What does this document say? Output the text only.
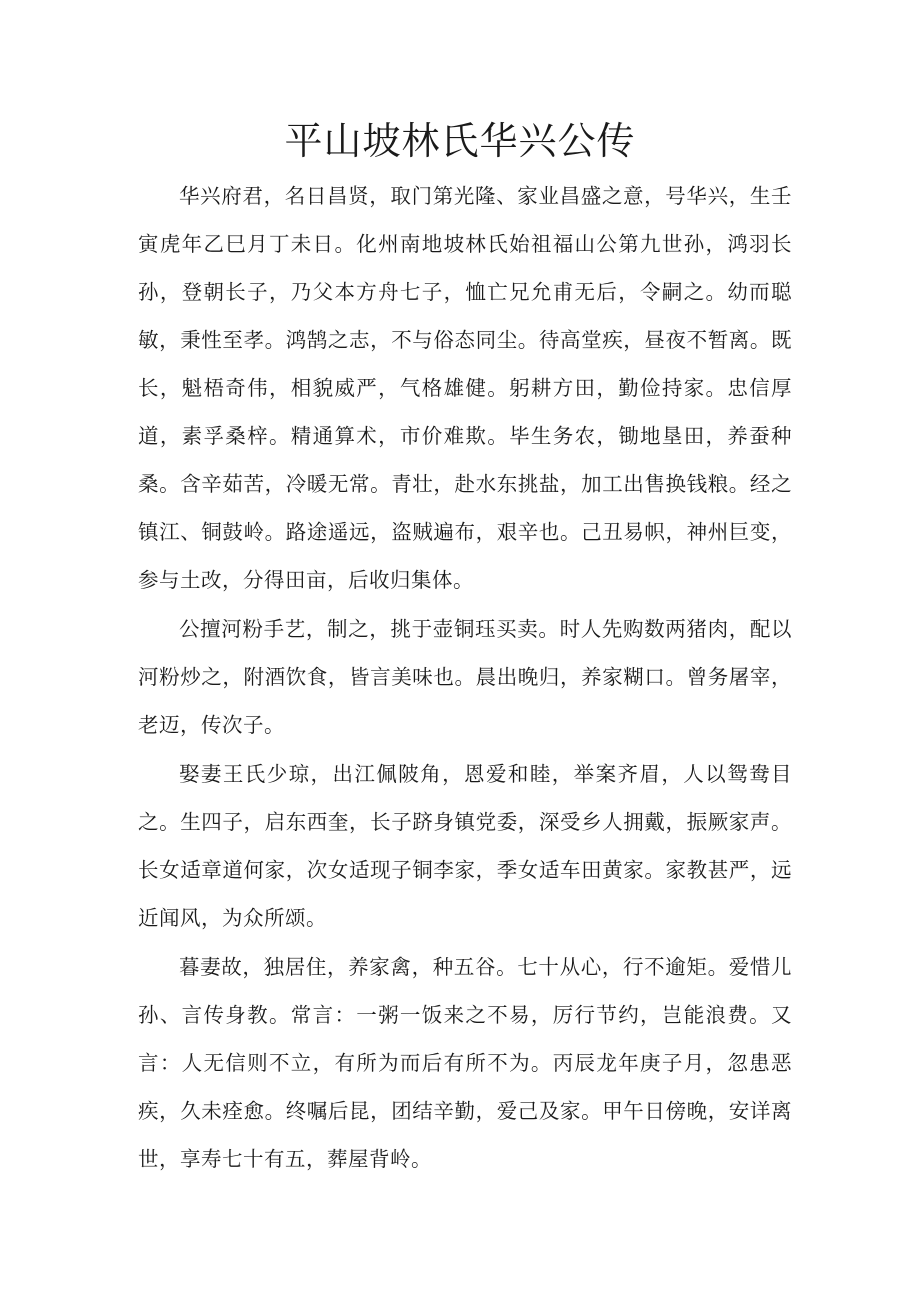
平山坡林氏华兴公传

华兴府君，名日昌贤，取门第光隆、家业昌盛之意，号华兴，生壬寅虎年乙巳月丁未日。化州南地坡林氏始祖福山公第九世孙，鸿羽长孙，登朝长子，乃父本方舟七子，恤亡兄允甫无后，令嗣之。幼而聪敏，秉性至孝。鸿鹄之志，不与俗态同尘。待高堂疾，昼夜不暂离。既长，魁梧奇伟，相貌威严，气格雄健。躬耕方田，勤俭持家。忠信厚道，素孚桑梓。精通算术，市价难欺。毕生务农，锄地垦田，养蚕种桑。含辛茹苦，冷暖无常。青壮，赴水东挑盐，加工出售换钱粮。经之镇江、铜鼓岭。路途遥远，盗贼遍布，艰辛也。己丑易帜，神州巨变，参与土改，分得田亩，后收归集体。

公擅河粉手艺，制之，挑于壶铜珏买卖。时人先购数两猪肉，配以河粉炒之，附酒饮食，皆言美味也。晨出晚归，养家糊口。曾务屠宰，老迈，传次子。

娶妻王氏少琼，出江佩陂角，恩爱和睦，举案齐眉，人以鸳鸯目之。生四子，启东西奎，长子跻身镇党委，深受乡人拥戴，振厥家声。长女适章道何家，次女适现子铜李家，季女适车田黄家。家教甚严，远近闻风，为众所颂。

暮妻故，独居住，养家禽，种五谷。七十从心，行不逾矩。爱惜儿孙、言传身教。常言：一粥一饭来之不易，厉行节约，岂能浪费。又言：人无信则不立，有所为而后有所不为。丙辰龙年庚子月，忽患恶疾，久未痊愈。终嘱后昆，团结辛勤，爱己及家。甲午日傍晚，安详离世，享寿七十有五，葬屋背岭。
